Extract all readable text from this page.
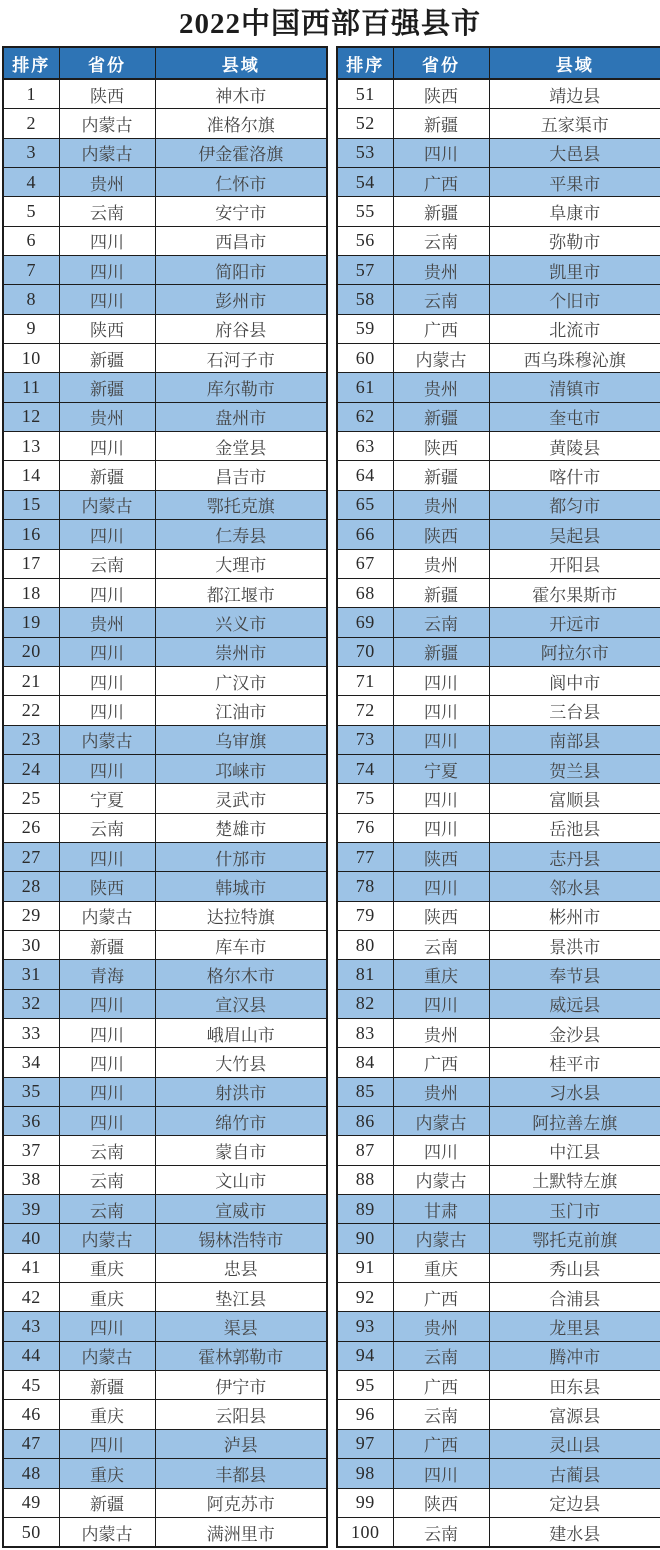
2022中国西部百强县市
排序	省份	县域
1	陕西	神木市
2	内蒙古	准格尔旗
3	内蒙古	伊金霍洛旗
4	贵州	仁怀市
5	云南	安宁市
6	四川	西昌市
7	四川	简阳市
8	四川	彭州市
9	陕西	府谷县
10	新疆	石河子市
11	新疆	库尔勒市
12	贵州	盘州市
13	四川	金堂县
14	新疆	昌吉市
15	内蒙古	鄂托克旗
16	四川	仁寿县
17	云南	大理市
18	四川	都江堰市
19	贵州	兴义市
20	四川	崇州市
21	四川	广汉市
22	四川	江油市
23	内蒙古	乌审旗
24	四川	邛崃市
25	宁夏	灵武市
26	云南	楚雄市
27	四川	什邡市
28	陕西	韩城市
29	内蒙古	达拉特旗
30	新疆	库车市
31	青海	格尔木市
32	四川	宣汉县
33	四川	峨眉山市
34	四川	大竹县
35	四川	射洪市
36	四川	绵竹市
37	云南	蒙自市
38	云南	文山市
39	云南	宣威市
40	内蒙古	锡林浩特市
41	重庆	忠县
42	重庆	垫江县
43	四川	渠县
44	内蒙古	霍林郭勒市
45	新疆	伊宁市
46	重庆	云阳县
47	四川	泸县
48	重庆	丰都县
49	新疆	阿克苏市
50	内蒙古	满洲里市
排序	省份	县域
51	陕西	靖边县
52	新疆	五家渠市
53	四川	大邑县
54	广西	平果市
55	新疆	阜康市
56	云南	弥勒市
57	贵州	凯里市
58	云南	个旧市
59	广西	北流市
60	内蒙古	西乌珠穆沁旗
61	贵州	清镇市
62	新疆	奎屯市
63	陕西	黄陵县
64	新疆	喀什市
65	贵州	都匀市
66	陕西	吴起县
67	贵州	开阳县
68	新疆	霍尔果斯市
69	云南	开远市
70	新疆	阿拉尔市
71	四川	阆中市
72	四川	三台县
73	四川	南部县
74	宁夏	贺兰县
75	四川	富顺县
76	四川	岳池县
77	陕西	志丹县
78	四川	邻水县
79	陕西	彬州市
80	云南	景洪市
81	重庆	奉节县
82	四川	威远县
83	贵州	金沙县
84	广西	桂平市
85	贵州	习水县
86	内蒙古	阿拉善左旗
87	四川	中江县
88	内蒙古	土默特左旗
89	甘肃	玉门市
90	内蒙古	鄂托克前旗
91	重庆	秀山县
92	广西	合浦县
93	贵州	龙里县
94	云南	腾冲市
95	广西	田东县
96	云南	富源县
97	广西	灵山县
98	四川	古蔺县
99	陕西	定边县
100	云南	建水县
